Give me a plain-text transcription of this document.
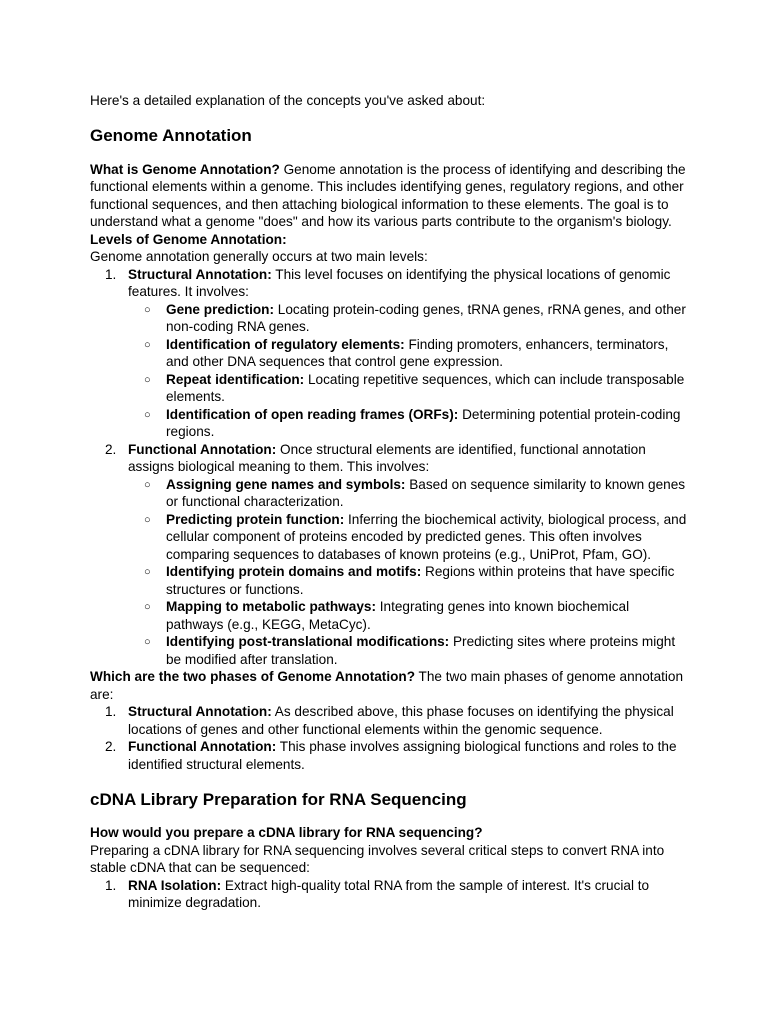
Here's a detailed explanation of the concepts you've asked about:

Genome Annotation

What is Genome Annotation? Genome annotation is the process of identifying and describing the functional elements within a genome. This includes identifying genes, regulatory regions, and other functional sequences, and then attaching biological information to these elements. The goal is to understand what a genome "does" and how its various parts contribute to the organism's biology.

Levels of Genome Annotation:

Genome annotation generally occurs at two main levels:

1. Structural Annotation: This level focuses on identifying the physical locations of genomic features. It involves:
○ Gene prediction: Locating protein-coding genes, tRNA genes, rRNA genes, and other non-coding RNA genes.
○ Identification of regulatory elements: Finding promoters, enhancers, terminators, and other DNA sequences that control gene expression.
○ Repeat identification: Locating repetitive sequences, which can include transposable elements.
○ Identification of open reading frames (ORFs): Determining potential protein-coding regions.
2. Functional Annotation: Once structural elements are identified, functional annotation assigns biological meaning to them. This involves:
○ Assigning gene names and symbols: Based on sequence similarity to known genes or functional characterization.
○ Predicting protein function: Inferring the biochemical activity, biological process, and cellular component of proteins encoded by predicted genes. This often involves comparing sequences to databases of known proteins (e.g., UniProt, Pfam, GO).
○ Identifying protein domains and motifs: Regions within proteins that have specific structures or functions.
○ Mapping to metabolic pathways: Integrating genes into known biochemical pathways (e.g., KEGG, MetaCyc).
○ Identifying post-translational modifications: Predicting sites where proteins might be modified after translation.

Which are the two phases of Genome Annotation? The two main phases of genome annotation are:

1. Structural Annotation: As described above, this phase focuses on identifying the physical locations of genes and other functional elements within the genomic sequence.
2. Functional Annotation: This phase involves assigning biological functions and roles to the identified structural elements.
cDNA Library Preparation for RNA Sequencing

How would you prepare a cDNA library for RNA sequencing?

Preparing a cDNA library for RNA sequencing involves several critical steps to convert RNA into stable cDNA that can be sequenced:

1. RNA Isolation: Extract high-quality total RNA from the sample of interest. It's crucial to minimize degradation.
